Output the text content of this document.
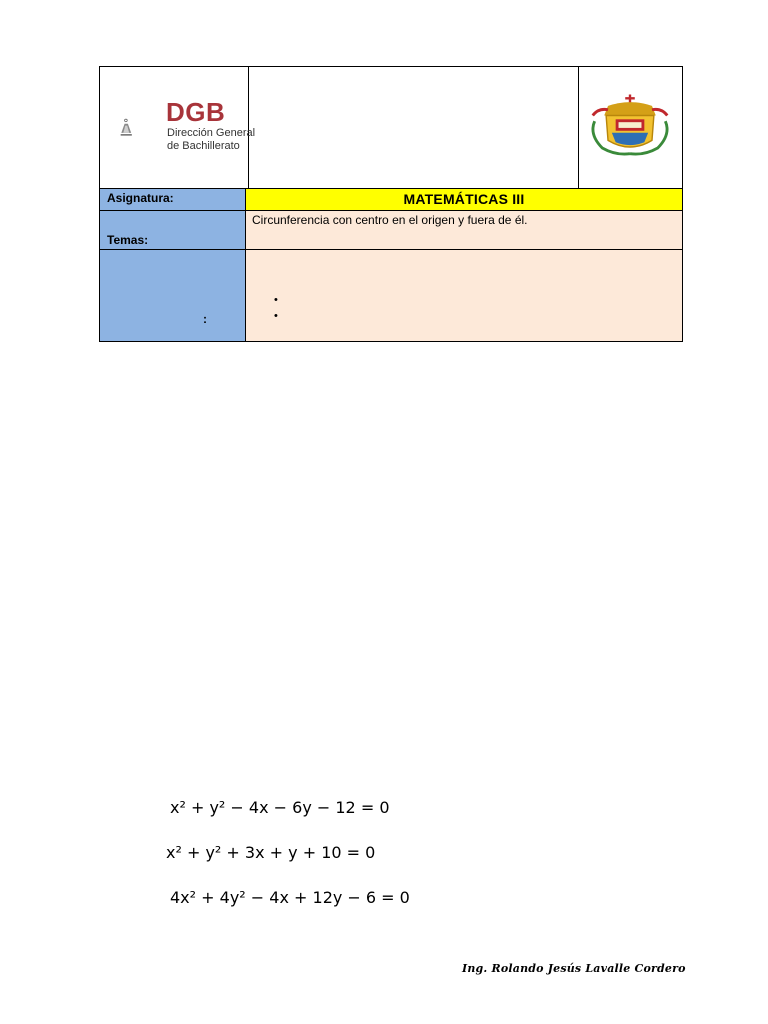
DGB
Dirección General
de Bachillerato
Asignatura:	MATEMÁTICAS III
Temas:
Circunferencia con centro en el origen y fuera de él.
:
•
•
x² + y² − 4x − 6y − 12 = 0
x² + y² + 3x + y + 10 = 0
4x² + 4y² − 4x + 12y − 6 = 0
Ing. Rolando Jesús Lavalle Cordero
